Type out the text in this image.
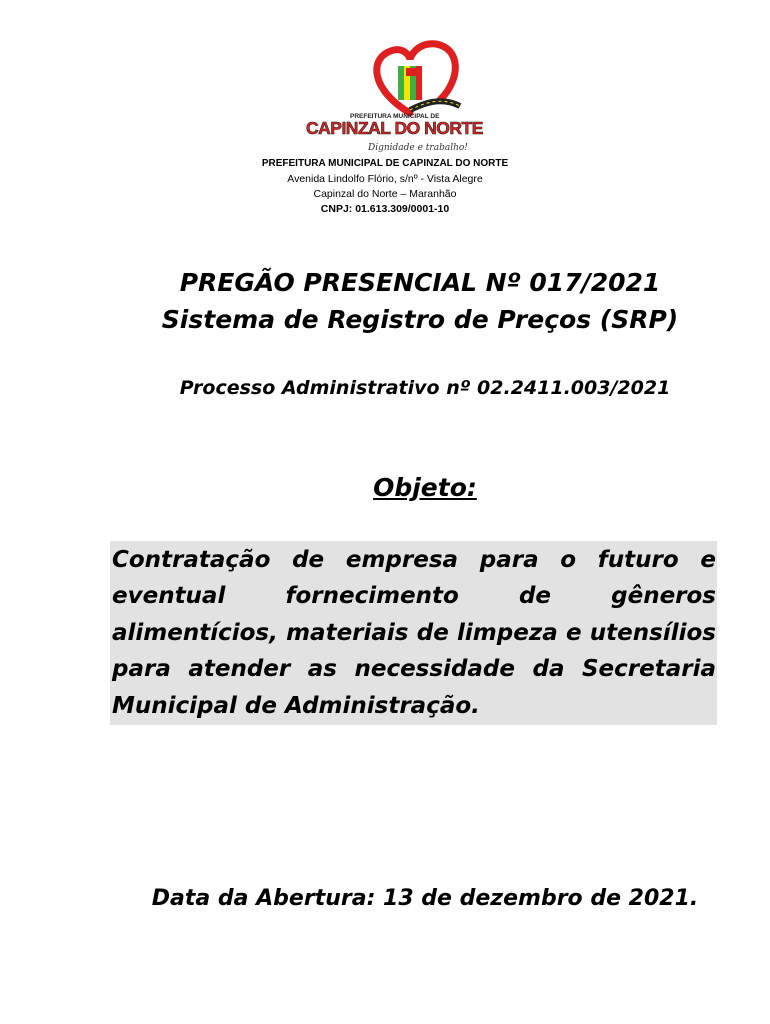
PREFEITURA MUNICIPAL DE
CAPINZAL DO NORTE
Dignidade e trabalho!
PREFEITURA MUNICIPAL DE CAPINZAL DO NORTE
Avenida Lindolfo Flório, s/nº - Vista Alegre
Capinzal do Norte – Maranhão
CNPJ: 01.613.309/0001-10
PREGÃO PRESENCIAL Nº 017/2021
Sistema de Registro de Preços (SRP)
Processo Administrativo nº 02.2411.003/2021
Objeto:
Contratação de empresa para o futuro e eventual fornecimento de gêneros alimentícios, materiais de limpeza e utensílios para atender as necessidade da Secretaria Municipal de Administração.
Data da Abertura: 13 de dezembro de 2021.
